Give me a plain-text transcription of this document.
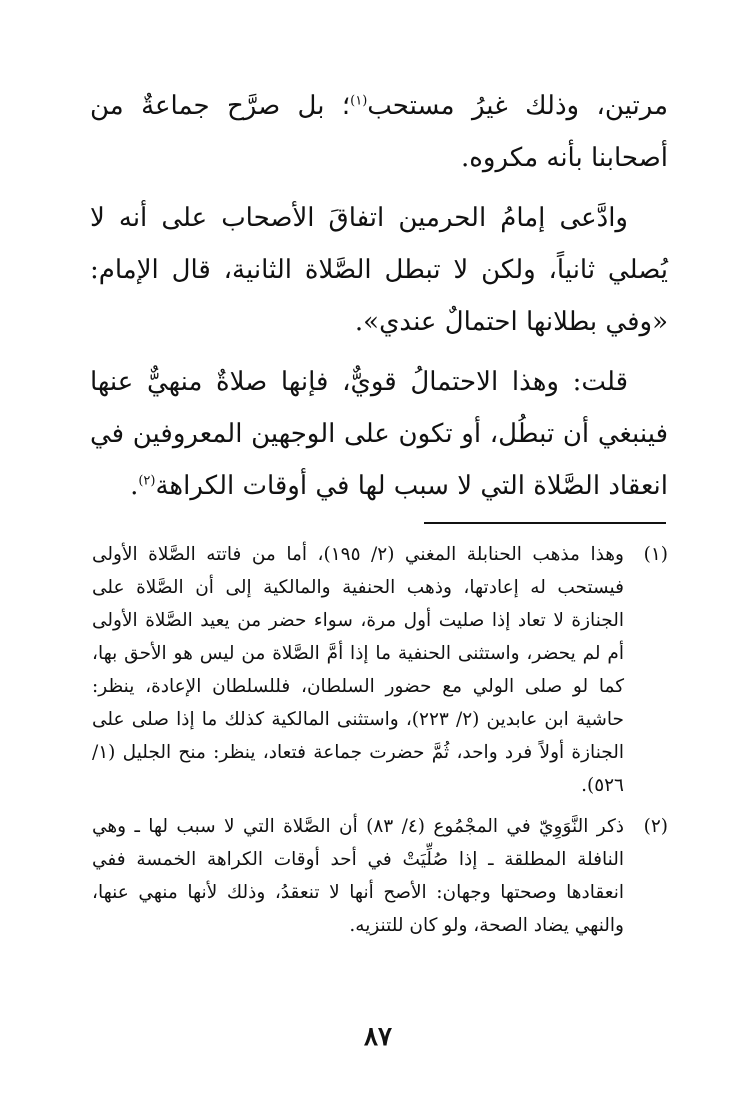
مرتين، وذلك غيرُ مستحب$^{(١)}$؛ بل صرَّح جماعةٌ من أصحابنا بأنه مكروه.

وادَّعى إمامُ الحرمين اتفاقَ الأصحاب على أنه لا يُصلي ثانياً، ولكن لا تبطل الصَّلاة الثانية، قال الإمام: «وفي بطلانها احتمالٌ عندي».

قلت: وهذا الاحتمالُ قويٌّ، فإنها صلاةٌ منهيٌّ عنها فينبغي أن تبطُل، أو تكون على الوجهين المعروفين في انعقاد الصَّلاة التي لا سبب لها في أوقات الكراهة$^{(٢)}$.

(١)
وهذا مذهب الحنابلة المغني (٢/ ١٩٥)، أما من فاتته الصَّلاة الأولى فيستحب له إعادتها، وذهب الحنفية والمالكية إلى أن الصَّلاة على الجنازة لا تعاد إذا صليت أول مرة، سواء حضر من يعيد الصَّلاة الأولى أم لم يحضر، واستثنى الحنفية ما إذا أمَّ الصَّلاة من ليس هو الأحق بها، كما لو صلى الولي مع حضور السلطان، فللسلطان الإعادة، ينظر: حاشية ابن عابدين (٢/ ٢٢٣)، واستثنى المالكية كذلك ما إذا صلى على الجنازة أولاً فرد واحد، ثُمَّ حضرت جماعة فتعاد، ينظر: منح الجليل (١/ ٥٢٦).
(٢)
ذكر النَّوَوِيّ في المجْمُوع (٤/ ٨٣) أن الصَّلاة التي لا سبب لها ـ وهي النافلة المطلقة ـ إذا صُلِّيَتْ في أحد أوقات الكراهة الخمسة ففي انعقادها وصحتها وجهان: الأصح أنها لا تنعقدُ، وذلك لأنها منهي عنها، والنهي يضاد الصحة، ولو كان للتنزيه.
٨٧
